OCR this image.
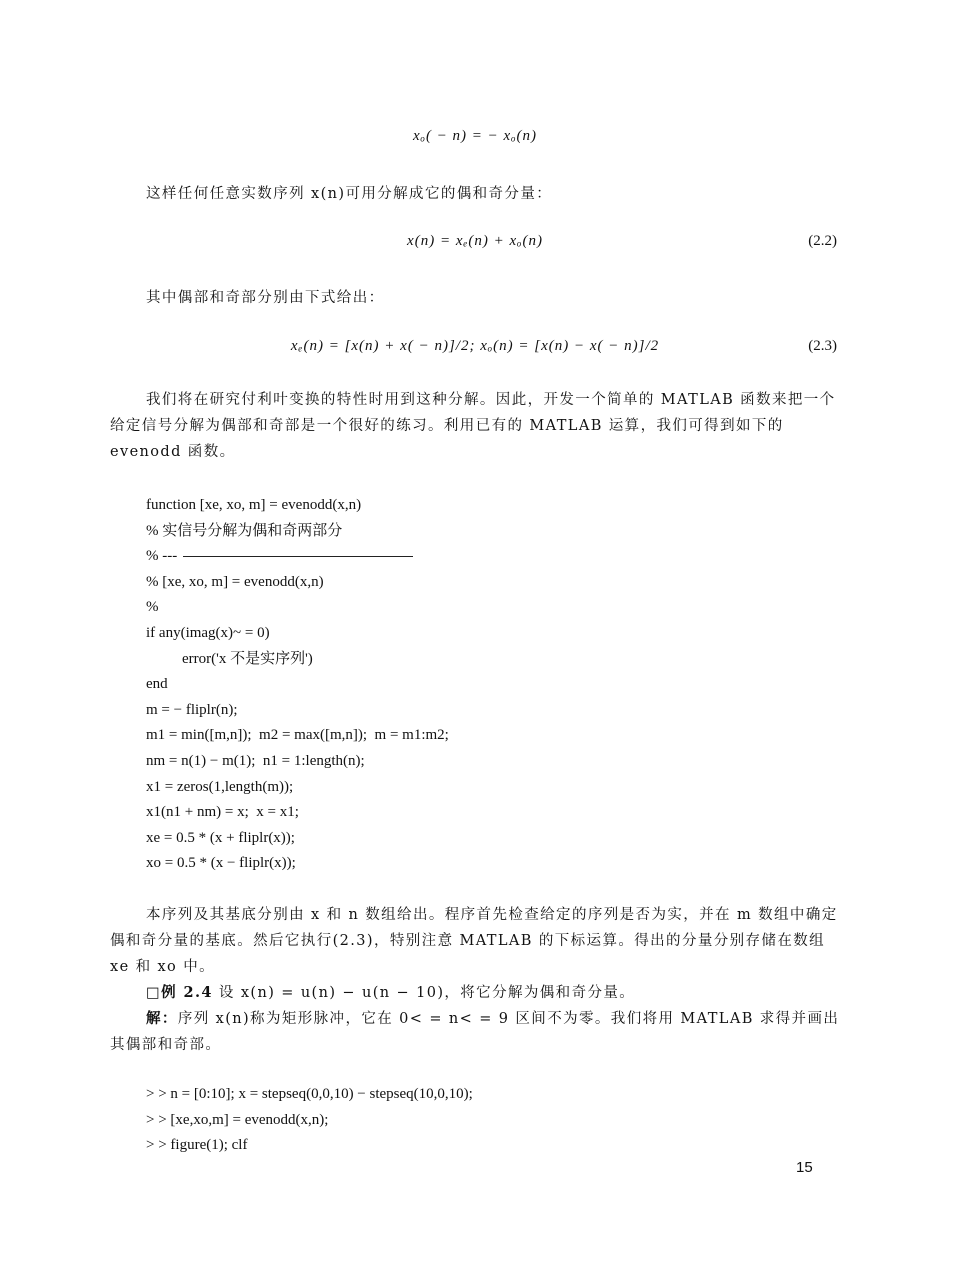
xₒ( − n) = − xₒ(n)

这样任何任意实数序列 x(n)可用分解成它的偶和奇分量：

x(n) = xₑ(n) + xₒ(n)	(2.2)

其中偶部和奇部分别由下式给出：

xₑ(n) = [x(n) + x( − n)]/2; xₒ(n) = [x(n) − x( − n)]/2	(2.3)

我们将在研究付利叶变换的特性时用到这种分解。因此，开发一个简单的 MATLAB 函数来把一个给定信号分解为偶部和奇部是一个很好的练习。利用已有的 MATLAB 运算，我们可得到如下的 evenodd 函数。

function [xe, xo, m] = evenodd(x,n)
% 实信号分解为偶和奇两部分
% ---
% [xe, xo, m] = evenodd(x,n)
%
if any(imag(x)~ = 0)
error('x 不是实序列')
end
m = − fliplr(n);
m1 = min([m,n]);  m2 = max([m,n]);  m = m1:m2;
nm = n(1) − m(1);  n1 = 1:length(n);
x1 = zeros(1,length(m));
x1(n1 + nm) = x;  x = x1;
xe = 0.5 * (x + fliplr(x));
xo = 0.5 * (x − fliplr(x));

本序列及其基底分别由 x 和 n 数组给出。程序首先检查给定的序列是否为实，并在 m 数组中确定偶和奇分量的基底。然后它执行(2.3)，特别注意 MATLAB 的下标运算。得出的分量分别存储在数组 xe 和 xo 中。

□例 2.4 设 x(n) = u(n) − u(n − 10)，将它分解为偶和奇分量。

解：序列 x(n)称为矩形脉冲，它在 0< = n< = 9 区间不为零。我们将用 MATLAB 求得并画出其偶部和奇部。

> > n = [0:10]; x = stepseq(0,0,10) − stepseq(10,0,10);
> > [xe,xo,m] = evenodd(x,n);
> > figure(1); clf
15
